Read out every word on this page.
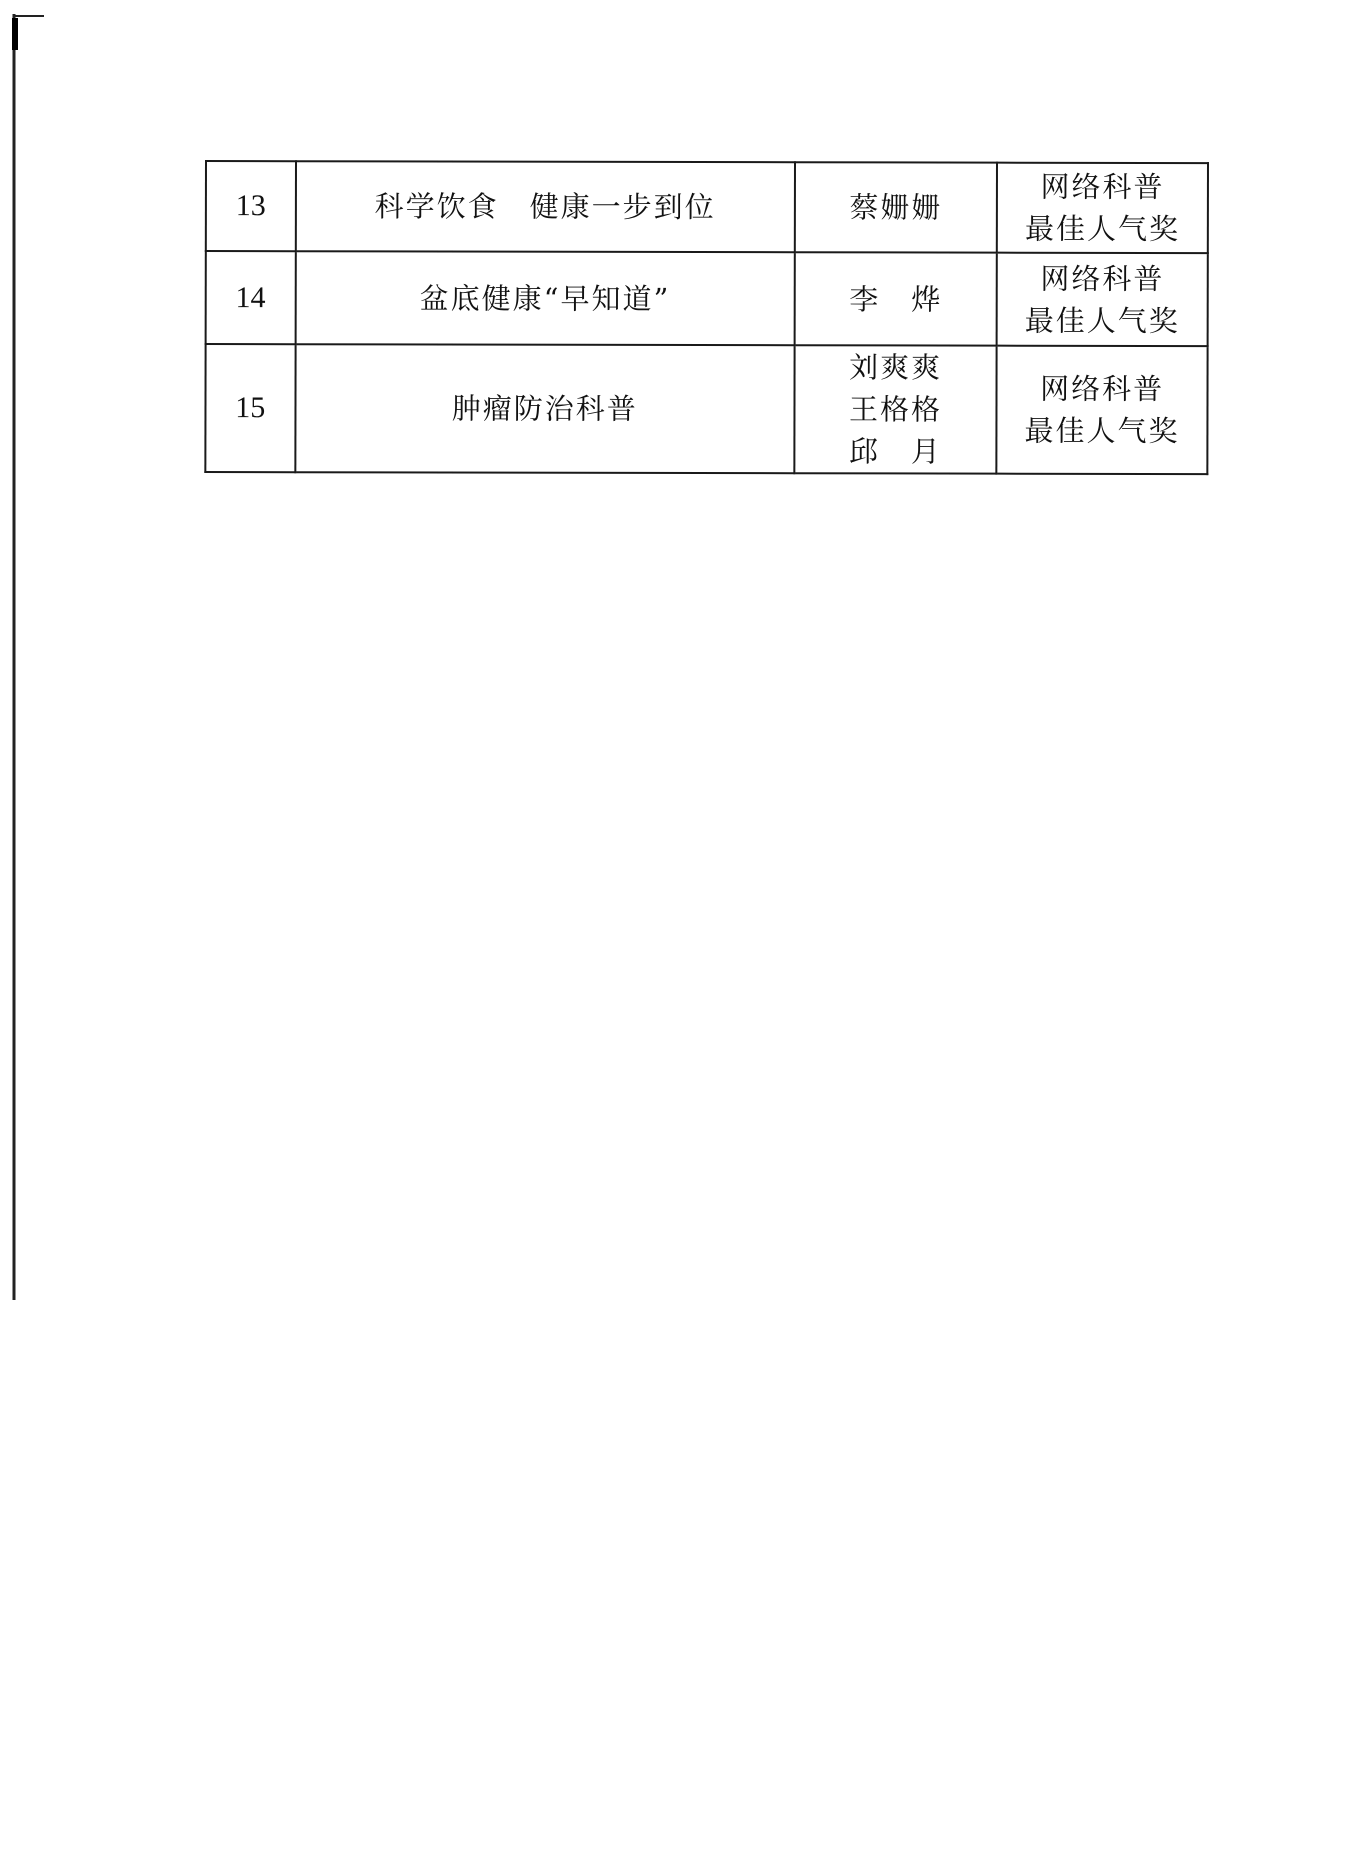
13	科学饮食　健康一步到位	蔡姗姗	网络科普
最佳人气奖

14	盆底健康“早知道”	李　烨	网络科普
最佳人气奖

15	肿瘤防治科普	刘爽爽
王格格
邱　月	网络科普
最佳人气奖
